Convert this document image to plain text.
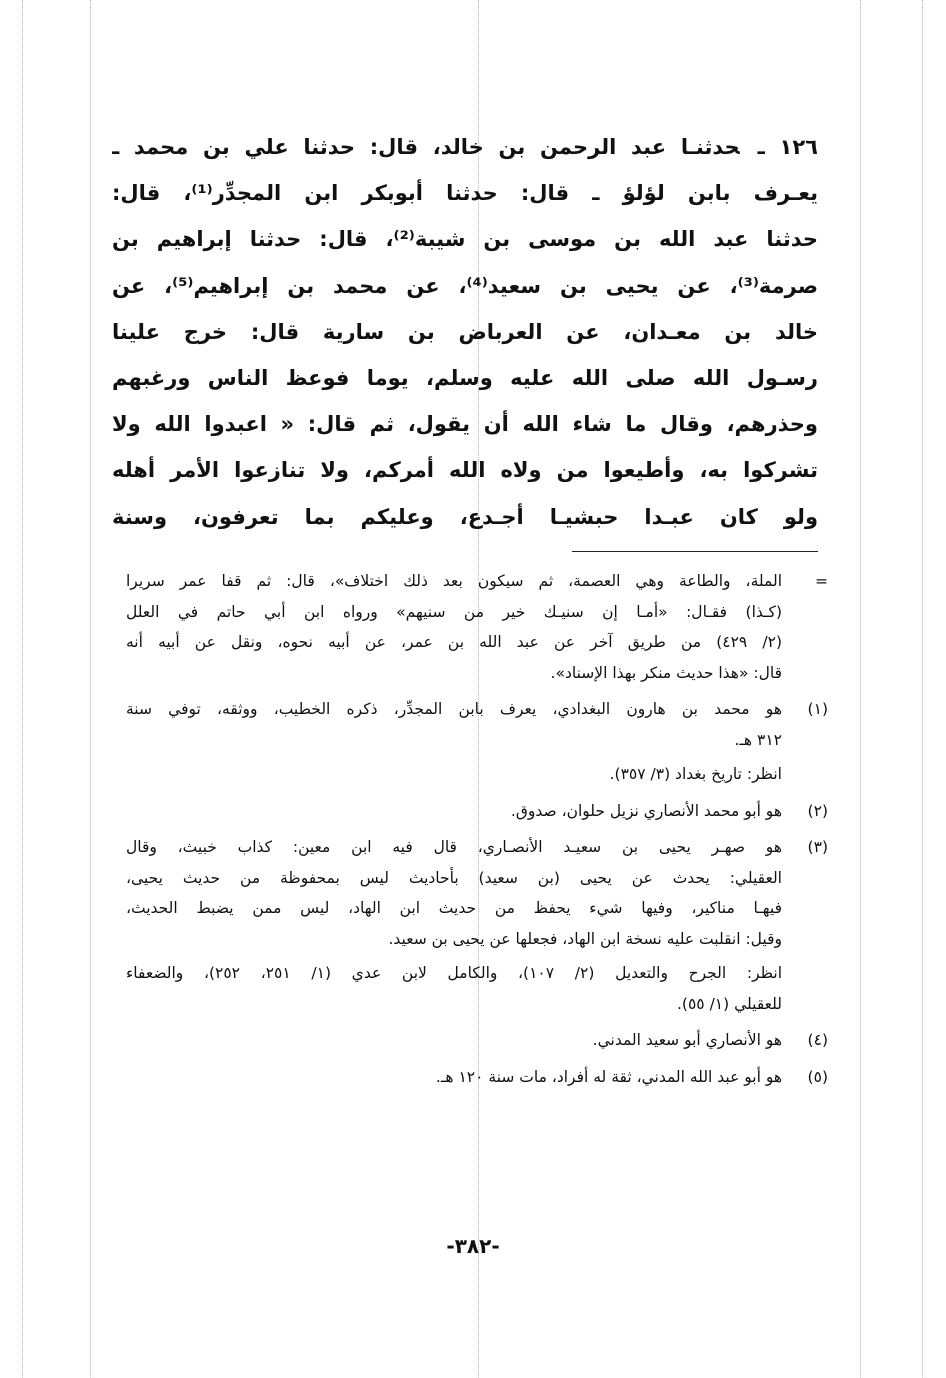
١٢٦ ـحدثنـا عبد الرحمن بن خالد، قال: حدثنا علي بن محمد ـ
يعـرف بابن لؤلؤ ـ قال: حدثنا أبوبكر ابن المجدِّر⁽¹⁾، قال:
حدثنا عبد الله بن موسى بن شيبة⁽²⁾، قال: حدثنا إبراهيم بن
صرمة⁽³⁾، عن يحيى بن سعيد⁽⁴⁾، عن محمد بن إبراهيم⁽⁵⁾، عن
خالد بن معـدان، عن العرباض بن سارية قال: خرج علينا
رسـول الله صلى الله عليه وسلم، يوما فوعظ الناس ورغبهم
وحذرهم، وقال ما شاء الله أن يقول، ثم قال: « اعبدوا الله ولا
تشركوا به، وأطيعوا من ولاه الله أمركم، ولا تنازعوا الأمر أهله
ولو كان عبـدا حبشيـا أجـدع، وعليكم بما تعرفون، وسنة
=
الملة، والطاعة وهي العصمة، ثم سيكون بعد ذلك اختلاف»، قال: ثم قفا عمر سريرا
(كـذا) فقـال: «أمـا إن سنيـك خير من سنيهم» ورواه ابن أبي حاتم في العلل
(٢/ ٤٢٩) من طريق آخر عن عبد الله بن عمر، عن أبيه نحوه، ونقل عن أبيه أنه
قال: «هذا حديث منكر بهذا الإسناد».
(١)
هو محمد بن هارون البغدادي، يعرف بابن المجدِّر، ذكره الخطيب، ووثقه، توفي سنة
٣١٢ هـ.
انظر: تاريخ بغداد (٣/ ٣٥٧).
(٢)
هو أبو محمد الأنصاري نزيل حلوان، صدوق.
(٣)
هو صهـر يحيى بن سعيـد الأنصـاري، قال فيه ابن معين: كذاب خبيث، وقال
العقيلي: يحدث عن يحيى (بن سعيد) بأحاديث ليس بمحفوظة من حديث يحيى،
فيهـا مناكير، وفيها شيء يحفظ من حديث ابن الهاد، ليس ممن يضبط الحديث،
وقيل: انقلبت عليه نسخة ابن الهاد، فجعلها عن يحيى بن سعيد.
انظر: الجرح والتعديل (٢/ ١٠٧)، والكامل لابن عدي (١/ ٢٥١، ٢٥٢)، والضعفاء
للعقيلي (١/ ٥٥).
(٤)
هو الأنصاري أبو سعيد المدني.
(٥)
هو أبو عبد الله المدني، ثقة له أفراد، مات سنة ١٢٠ هـ.
-٣٨٢-
